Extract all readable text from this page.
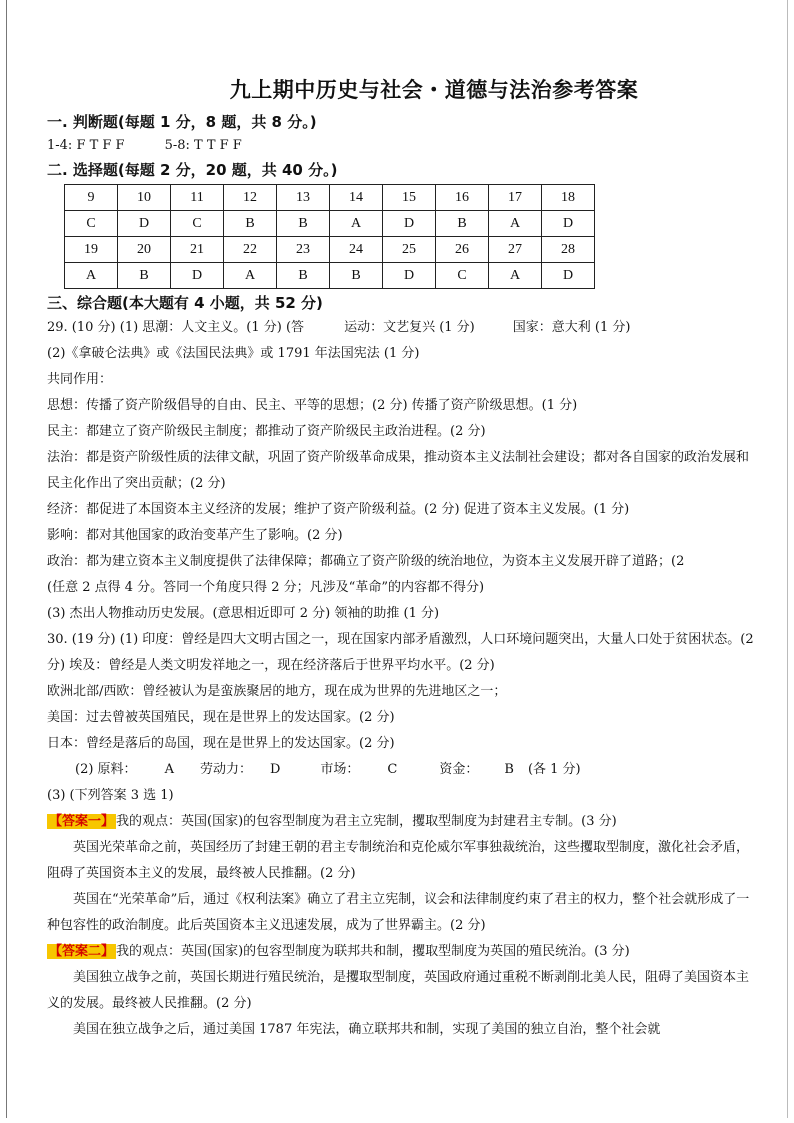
九上期中历史与社会・道德与法治参考答案
一. 判断题(每题 1 分，8 题，共 8 分。)
1-4: F T F F	5-8: T T F F
二. 选择题(每题 2 分，20 题，共 40 分。)
9	10	11	12	13	14	15	16	17	18
C	D	C	B	B	A	D	B	A	D
19	20	21	22	23	24	25	26	27	28
A	B	D	A	B	B	D	C	A	D
三、综合题(本大题有 4 小题，共 52 分)
29. (10 分) (1) 思潮：人文主义。(1 分) (答	运动：文艺复兴 (1 分)	国家：意大利 (1 分)
(2)《拿破仑法典》或《法国民法典》或 1791 年法国宪法 (1 分)
共同作用：
思想：传播了资产阶级倡导的自由、民主、平等的思想；(2 分) 传播了资产阶级思想。(1 分)
民主：都建立了资产阶级民主制度；都推动了资产阶级民主政治进程。(2 分)
法治：都是资产阶级性质的法律文献，巩固了资产阶级革命成果，推动资本主义法制社会建设；都对各自国家的政治发展和民主化作出了突出贡献；(2 分)
经济：都促进了本国资本主义经济的发展；维护了资产阶级利益。(2 分) 促进了资本主义发展。(1 分)
影响：都对其他国家的政治变革产生了影响。(2 分)
政治：都为建立资本主义制度提供了法律保障；都确立了资产阶级的统治地位，为资本主义发展开辟了道路；(2
(任意 2 点得 4 分。答同一个角度只得 2 分；凡涉及“革命”的内容都不得分)
(3) 杰出人物推动历史发展。(意思相近即可 2 分) 领袖的助推 (1 分)
30. (19 分) (1) 印度：曾经是四大文明古国之一，现在国家内部矛盾激烈，人口环境问题突出，大量人口处于贫困状态。(2 分) 埃及：曾经是人类文明发祥地之一，现在经济落后于世界平均水平。(2 分)
欧洲北部/西欧：曾经被认为是蛮族聚居的地方，现在成为世界的先进地区之一；
美国：过去曾被英国殖民，现在是世界上的发达国家。(2 分)
日本：曾经是落后的岛国，现在是世界上的发达国家。(2 分)
(2) 原料： A 劳动力： D	市场： C	资金： B (各 1 分)
(3) (下列答案 3 选 1)
【答案一】 我的观点：英国(国家)的包容型制度为君主立宪制，攫取型制度为封建君主专制。(3 分)
英国光荣革命之前，英国经历了封建王朝的君主专制统治和克伦威尔军事独裁统治，这些攫取型制度，激化社会矛盾，阻碍了英国资本主义的发展，最终被人民推翻。(2 分)
英国在“光荣革命”后，通过《权利法案》确立了君主立宪制，议会和法律制度约束了君主的权力，整个社会就形成了一种包容性的政治制度。此后英国资本主义迅速发展，成为了世界霸主。(2 分)
【答案二】 我的观点：英国(国家)的包容型制度为联邦共和制，攫取型制度为英国的殖民统治。(3 分)
美国独立战争之前，英国长期进行殖民统治，是攫取型制度，英国政府通过重税不断剥削北美人民，阻碍了美国资本主义的发展。最终被人民推翻。(2 分)
美国在独立战争之后，通过美国 1787 年宪法，确立联邦共和制，实现了美国的独立自治，整个社会就
